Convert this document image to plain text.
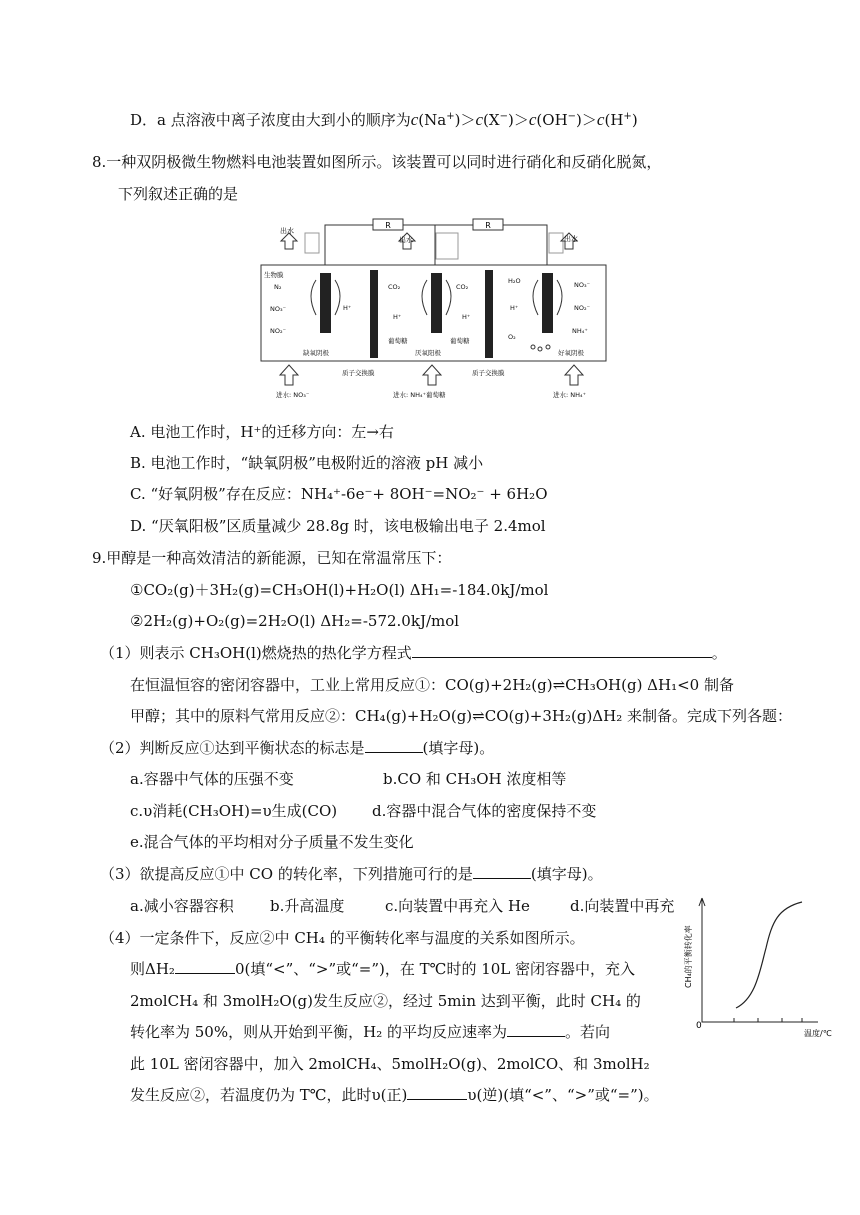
D．a 点溶液中离子浓度由大到小的顺序为c(Na+)＞c(X−)＞c(OH−)＞c(H+)
8.一种双阴极微生物燃料电池装置如图所示。该装置可以同时进行硝化和反硝化脱氮，
下列叙述正确的是
R	R
出水
出水	出水
生物膜
N₂
NO₃⁻
NO₂⁻
H⁺
CO₂
H⁺
葡萄糖
CO₂
H⁺
葡萄糖
H₂O
H⁺
O₂
NO₃⁻
NO₂⁻
NH₄⁺
缺氧阴极	厌氧阳极	好氧阴极
质子交换膜	质子交换膜
进水: NO₃⁻	进水: NH₄⁺葡萄糖	进水: NH₄⁺
A. 电池工作时，H⁺的迁移方向：左→右
B. 电池工作时，“缺氧阴极”电极附近的溶液 pH 减小
C. “好氧阴极”存在反应：NH₄⁺-6e⁻+ 8OH⁻=NO₂⁻ + 6H₂O
D. “厌氧阳极”区质量减少 28.8g 时，该电极输出电子 2.4mol
9.甲醇是一种高效清洁的新能源，已知在常温常压下：
①CO₂(g)＋3H₂(g)=CH₃OH(l)+H₂O(l) ΔH₁=-184.0kJ/mol
②2H₂(g)+O₂(g)=2H₂O(l) ΔH₂=-572.0kJ/mol
（1）则表示 CH₃OH(l)燃烧热的热化学方程式	。
在恒温恒容的密闭容器中，工业上常用反应①：CO(g)+2H₂(g)⇌CH₃OH(g) ΔH₁<0 制备
甲醇；其中的原料气常用反应②：CH₄(g)+H₂O(g)⇌CO(g)+3H₂(g)ΔH₂ 来制备。完成下列各题：
（2）判断反应①达到平衡状态的标志是	(填字母)。
a.容器中气体的压强不变	b.CO 和 CH₃OH 浓度相等
c.υ消耗(CH₃OH)=υ生成(CO) d.容器中混合气体的密度保持不变
e.混合气体的平均相对分子质量不发生变化
（3）欲提高反应①中 CO 的转化率，下列措施可行的是	(填字母)。
a.减小容器容积 b.升高温度	c.向装置中再充入 He	d.向装置中再充
（4）一定条件下，反应②中 CH₄ 的平衡转化率与温度的关系如图所示。
则ΔH₂	0(填“<”、“>”或“=”)，在 T℃时的 10L 密闭容器中，充入
2molCH₄ 和 3molH₂O(g)发生反应②，经过 5min 达到平衡，此时 CH₄ 的
转化率为 50%，则从开始到平衡，H₂ 的平均反应速率为	。若向
此 10L 密闭容器中，加入 2molCH₄、5molH₂O(g)、2molCO、和 3molH₂
发生反应②，若温度仍为 T℃，此时υ(正)	υ(逆)(填“<”、“>”或“=”)。
0
温度/℃
CH₄的平衡转化率
